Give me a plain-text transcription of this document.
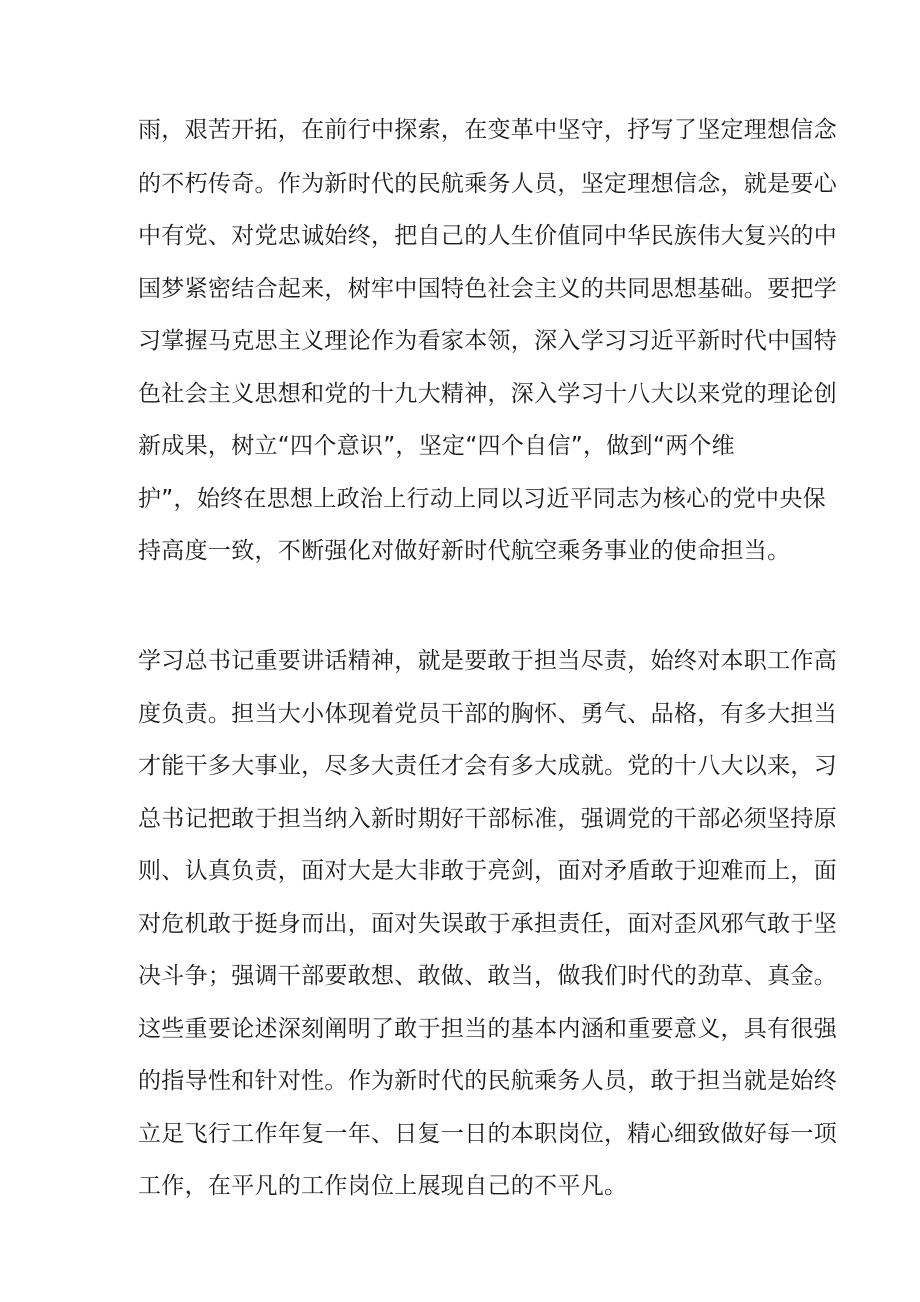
雨，艰苦开拓，在前行中探索，在变革中坚守，抒写了坚定理想信念
的不朽传奇。作为新时代的民航乘务人员，坚定理想信念，就是要心
中有党、对党忠诚始终，把自己的人生价值同中华民族伟大复兴的中
国梦紧密结合起来，树牢中国特色社会主义的共同思想基础。要把学
习掌握马克思主义理论作为看家本领，深入学习习近平新时代中国特
色社会主义思想和党的十九大精神，深入学习十八大以来党的理论创
新成果，树立“四个意识”，坚定“四个自信”，做到“两个维
护”，始终在思想上政治上行动上同以习近平同志为核心的党中央保
持高度一致，不断强化对做好新时代航空乘务事业的使命担当。
学习总书记重要讲话精神，就是要敢于担当尽责，始终对本职工作高
度负责。担当大小体现着党员干部的胸怀、勇气、品格，有多大担当
才能干多大事业，尽多大责任才会有多大成就。党的十八大以来，习
总书记把敢于担当纳入新时期好干部标准，强调党的干部必须坚持原
则、认真负责，面对大是大非敢于亮剑，面对矛盾敢于迎难而上，面
对危机敢于挺身而出，面对失误敢于承担责任，面对歪风邪气敢于坚
决斗争；强调干部要敢想、敢做、敢当，做我们时代的劲草、真金。
这些重要论述深刻阐明了敢于担当的基本内涵和重要意义，具有很强
的指导性和针对性。作为新时代的民航乘务人员，敢于担当就是始终
立足飞行工作年复一年、日复一日的本职岗位，精心细致做好每一项
工作，在平凡的工作岗位上展现自己的不平凡。
